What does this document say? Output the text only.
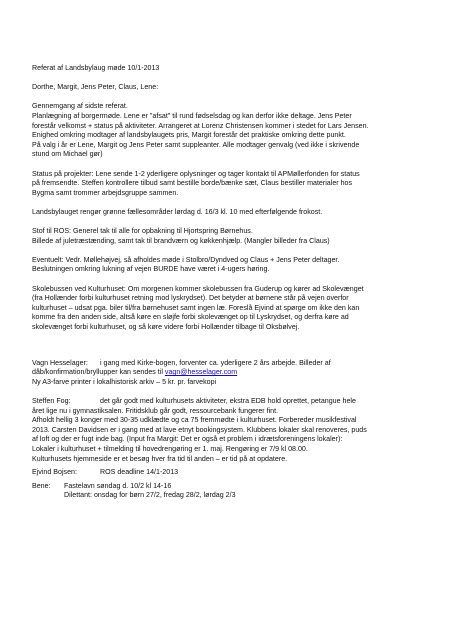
Referat af Landsbylaug møde 10/1-2013

Dorthe, Margit, Jens Peter, Claus, Lene:

Gennemgang af sidste referat.

Planlægning af borgermøde. Lene er "afsat" til rund fødselsdag og kan derfor ikke deltage. Jens Peter

forestår velkomst + status på aktiviteter. Arrangeret at Lorenz Christensen kommer i stedet for Lars Jensen.

Enighed omkring modtager af landsbylaugets pris, Margit forestår det praktiske omkring dette punkt.

På valg i år er Lene, Margit og Jens Peter samt suppleanter. Alle modtager genvalg (ved ikke i skrivende

stund om Michael gør)

Status på projekter: Lene sende 1-2 yderligere oplysninger og tager kontakt til APMøllerfonden for status

på fremsendte. Steffen kontrollere tilbud samt bestille borde/bænke sæt, Claus bestiller materialer hos

Bygma samt trommer arbejdsgruppe sammen.

Landsbylauget rengør grønne fællesområder lørdag d. 16/3 kl. 10 med efterfølgende frokost.

Stof til ROS: Generel tak til alle for opbakning til Hjortspring Børnehus.

Billede af juletræstænding, samt tak til brandværn og køkkenhjælp. (Mangler billeder fra Claus)

Eventuelt: Vedr. Møllehøjvej, så afholdes møde i Stolbro/Dyndved og Claus + Jens Peter deltager.

Beslutningen omkring lukning af vejen BURDE have været i 4-ugers høring.

Skolebussen ved Kulturhuset: Om morgenen kommer skolebussen fra Guderup og kører ad Skolevænget

(fra Hollænder forbi kulturhuset retning mod lyskrydset). Det betyder at børnene står på vejen overfor

kulturhuset – udsat pga. biler til/fra børnehuset samt ingen læ. Foreslå Ejvind at spørge om ikke den kan

komme fra den anden side, altså køre en sløjfe forbi skolevænget op til Lyskrydset, og derfra køre ad

skolevænget forbi kulturhuset, og så køre videre forbi Hollænder tilbage til Oksbølvej.

Vagn Hesselager:	i gang med Kirke-bogen, forventer ca. yderligere 2 års arbejde. Billeder af

dåb/konfirmation/bryllupper kan sendes til vagn@hesselager.com

Ny A3-farve printer i lokalhistorisk arkiv – 5 kr. pr. farvekopi

Steffen Fog:	det går godt med kulturhusets aktiviteter, ekstra EDB hold oprettet, petangue hele

året lige nu i gymnastiksalen. Fritidsklub går godt, ressourcebank fungerer fint.

Afholdt hellig 3 konger med 30-35 udklædte og ca 75 fremmødte i kulturhuset. Forbereder musikfestival

2013. Carsten Davidsen er i gang med at lave etnyt bookingsystem. Klubbens lokaler skal renoveres, puds

af loft og der er fugt inde bag. (Input fra Margit: Det er også et problem i idrætsforeningens lokaler):

Lokaler i kulturhuset + tilmelding til hovedrengøring er 1. maj. Rengøring er 7/9 kl 08.00.

Kulturhusets hjemmeside er et besøg hver fra tid til anden – er tid på at opdatere.

Ejvind Bojsen:	ROS deadline 14/1-2013
Bene:	Fastelavn søndag d. 10/2 kl 14-16

Dilettant: onsdag for børn 27/2, fredag 28/2, lørdag 2/3
